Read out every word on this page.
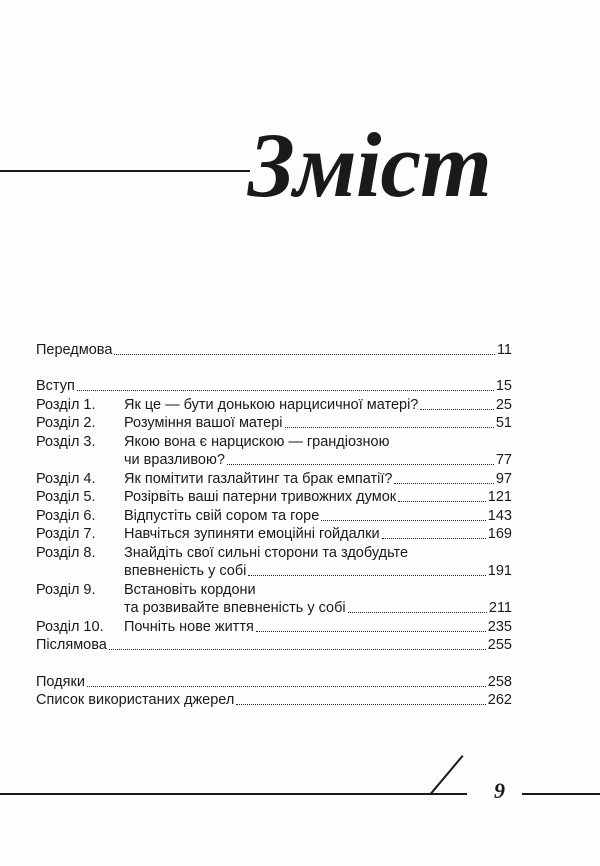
Зміст
Передмова	11
Вступ	15
Розділ 1.	Як це — бути донькою нарцисичної матері?	25
Розділ 2.	Розуміння вашої матері	51
Розділ 3.	Якою вона є нарцискою — грандіозною
чи вразливою?	77
Розділ 4.	Як помітити газлайтинг та брак емпатії?	97
Розділ 5.	Розірвіть ваші патерни тривожних думок	121
Розділ 6.	Відпустіть свій сором та горе	143
Розділ 7.	Навчіться зупиняти емоційні гойдалки	169
Розділ 8.	Знайдіть свої сильні сторони та здобудьте
впевненість у собі	191
Розділ 9.	Встановіть кордони
та розвивайте впевненість у собі	211
Розділ 10.	Почніть нове життя	235
Післямова	255
Подяки	258
Список використаних джерел	262
9
